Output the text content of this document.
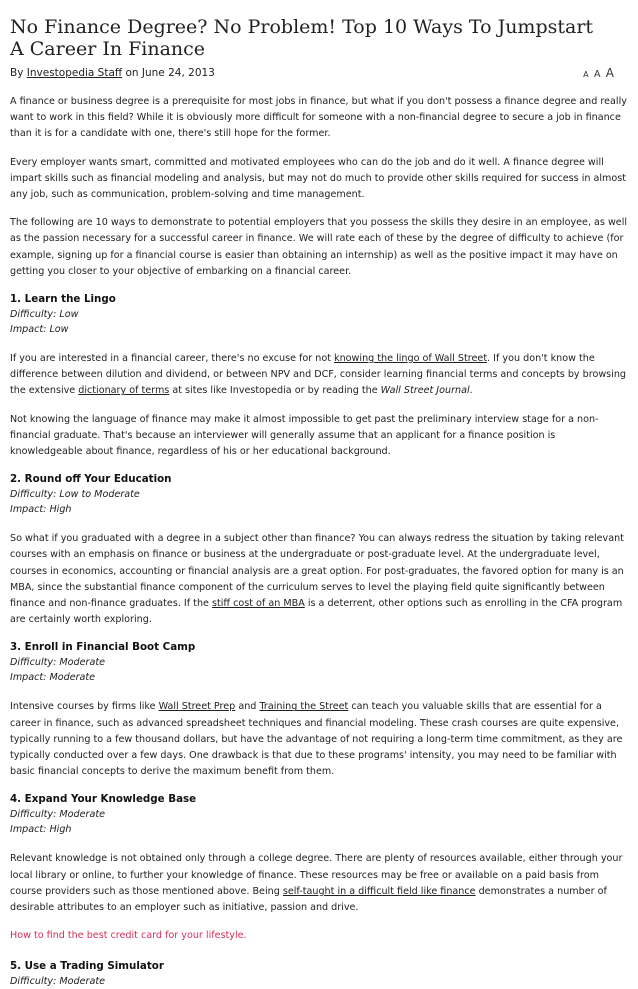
No Finance Degree? No Problem! Top 10 Ways To Jumpstart A Career In Finance
By Investopedia Staff on June 24, 2013	A A A

A finance or business degree is a prerequisite for most jobs in finance, but what if you don't possess a finance degree and really want to work in this field? While it is obviously more difficult for someone with a non-financial degree to secure a job in finance than it is for a candidate with one, there's still hope for the former.

Every employer wants smart, committed and motivated employees who can do the job and do it well. A finance degree will impart skills such as financial modeling and analysis, but may not do much to provide other skills required for success in almost any job, such as communication, problem-solving and time management.

The following are 10 ways to demonstrate to potential employers that you possess the skills they desire in an employee, as well as the passion necessary for a successful career in finance. We will rate each of these by the degree of difficulty to achieve (for example, signing up for a financial course is easier than obtaining an internship) as well as the positive impact it may have on getting you closer to your objective of embarking on a financial career.

1. Learn the Lingo
Difficulty: Low
Impact: Low

If you are interested in a financial career, there's no excuse for not knowing the lingo of Wall Street. If you don't know the difference between dilution and dividend, or between NPV and DCF, consider learning financial terms and concepts by browsing the extensive dictionary of terms at sites like Investopedia or by reading the Wall Street Journal.

Not knowing the language of finance may make it almost impossible to get past the preliminary interview stage for a non-financial graduate. That's because an interviewer will generally assume that an applicant for a finance position is knowledgeable about finance, regardless of his or her educational background.

2. Round off Your Education
Difficulty: Low to Moderate
Impact: High

So what if you graduated with a degree in a subject other than finance? You can always redress the situation by taking relevant courses with an emphasis on finance or business at the undergraduate or post-graduate level. At the undergraduate level, courses in economics, accounting or financial analysis are a great option. For post-graduates, the favored option for many is an MBA, since the substantial finance component of the curriculum serves to level the playing field quite significantly between finance and non-finance graduates. If the stiff cost of an MBA is a deterrent, other options such as enrolling in the CFA program are certainly worth exploring.

3. Enroll in Financial Boot Camp
Difficulty: Moderate
Impact: Moderate

Intensive courses by firms like Wall Street Prep and Training the Street can teach you valuable skills that are essential for a career in finance, such as advanced spreadsheet techniques and financial modeling. These crash courses are quite expensive, typically running to a few thousand dollars, but have the advantage of not requiring a long-term time commitment, as they are typically conducted over a few days. One drawback is that due to these programs' intensity, you may need to be familiar with basic financial concepts to derive the maximum benefit from them.

4. Expand Your Knowledge Base
Difficulty: Moderate
Impact: High

Relevant knowledge is not obtained only through a college degree. There are plenty of resources available, either through your local library or online, to further your knowledge of finance. These resources may be free or available on a paid basis from course providers such as those mentioned above. Being self-taught in a difficult field like finance demonstrates a number of desirable attributes to an employer such as initiative, passion and drive.

How to find the best credit card for your lifestyle.

5. Use a Trading Simulator
Difficulty: Moderate
